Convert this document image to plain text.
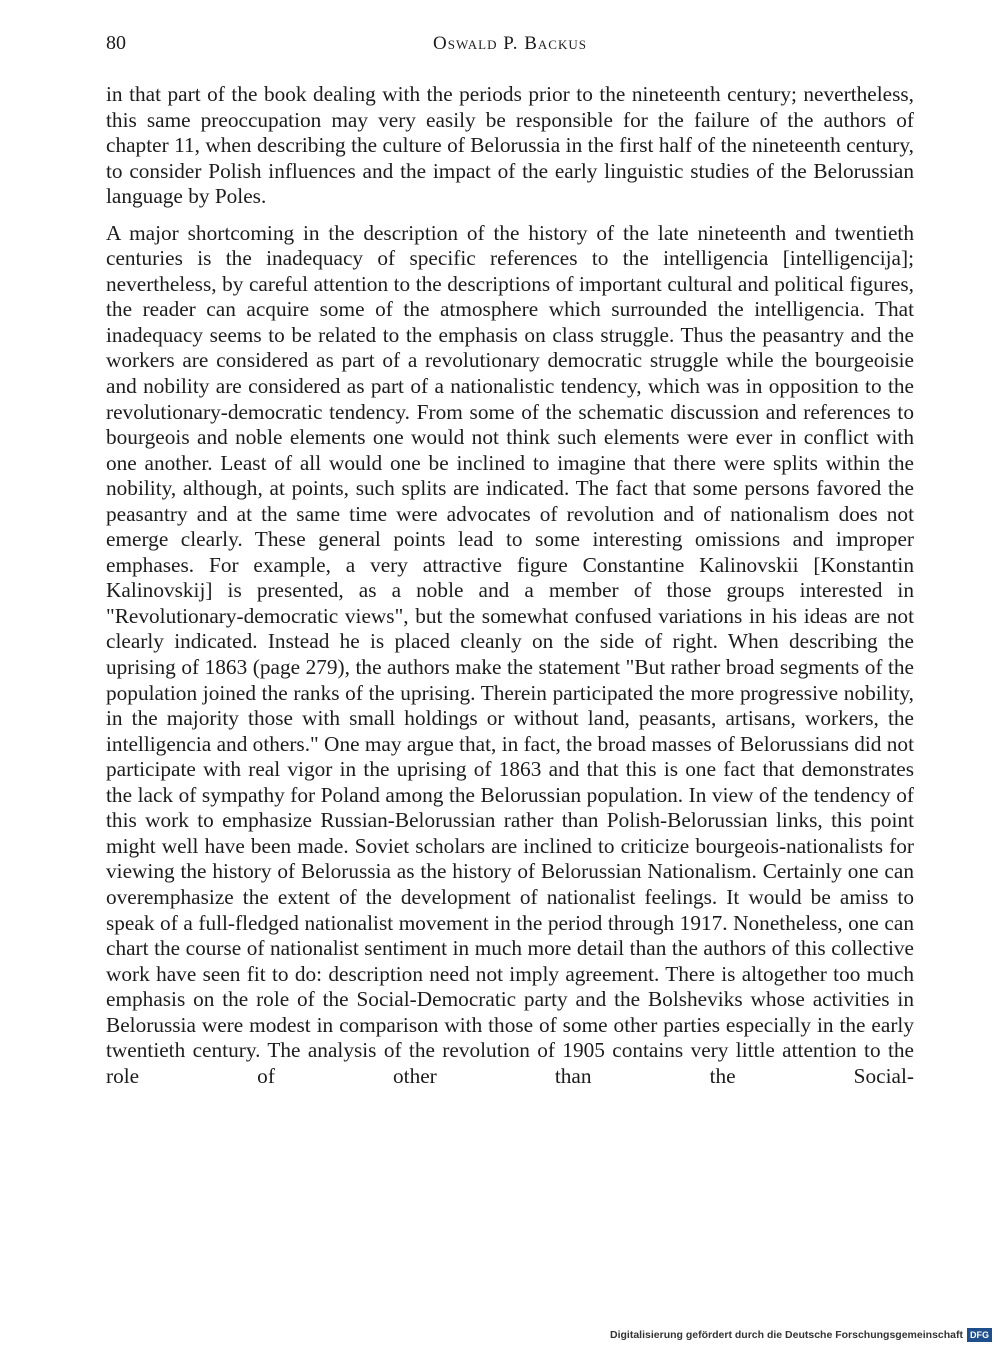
80	Oswald P. Backus

in that part of the book dealing with the periods prior to the nineteenth century; nevertheless, this same preoccupation may very easily be responsible for the failure of the authors of chapter 11, when describing the culture of Belorussia in the first half of the nineteenth century, to consider Polish influences and the impact of the early linguistic studies of the Belorussian language by Poles.

A major shortcoming in the description of the history of the late nineteenth and twentieth centuries is the inadequacy of specific references to the intelligencia [intelligencija]; nevertheless, by careful attention to the descriptions of important cultural and political figures, the reader can acquire some of the atmosphere which surrounded the intelligencia. That inadequacy seems to be related to the emphasis on class struggle. Thus the peasantry and the workers are considered as part of a revolutionary democratic struggle while the bourgeoisie and nobility are considered as part of a nationalistic tendency, which was in opposition to the revolutionary-democratic tendency. From some of the schematic discussion and references to bourgeois and noble elements one would not think such elements were ever in conflict with one another. Least of all would one be inclined to imagine that there were splits within the nobility, although, at points, such splits are indicated. The fact that some persons favored the peasantry and at the same time were advocates of revolution and of nationalism does not emerge clearly. These general points lead to some interesting omissions and improper emphases. For example, a very attractive figure Constantine Kalinovskii [Konstantin Kalinovskij] is presented, as a noble and a member of those groups interested in "Revolutionary-democratic views", but the somewhat confused variations in his ideas are not clearly indicated. Instead he is placed cleanly on the side of right. When describing the uprising of 1863 (page 279), the authors make the statement "But rather broad segments of the population joined the ranks of the uprising. Therein participated the more progressive nobility, in the majority those with small holdings or without land, peasants, artisans, workers, the intelligencia and others." One may argue that, in fact, the broad masses of Belorussians did not participate with real vigor in the uprising of 1863 and that this is one fact that demonstrates the lack of sympathy for Poland among the Belorussian population. In view of the tendency of this work to emphasize Russian-Belorussian rather than Polish-Belorussian links, this point might well have been made. Soviet scholars are inclined to criticize bourgeois-nationalists for viewing the history of Belorussia as the history of Belorussian Nationalism. Certainly one can overemphasize the extent of the development of nationalist feelings. It would be amiss to speak of a full-fledged nationalist movement in the period through 1917. Nonetheless, one can chart the course of nationalist sentiment in much more detail than the authors of this collective work have seen fit to do: description need not imply agreement. There is altogether too much emphasis on the role of the Social-Democratic party and the Bolsheviks whose activities in Belorussia were modest in comparison with those of some other parties especially in the early twentieth century. The analysis of the revolution of 1905 contains very little attention to the role of other than the Social-

Digitalisierung gefördert durch die Deutsche Forschungsgemeinschaft DFG
